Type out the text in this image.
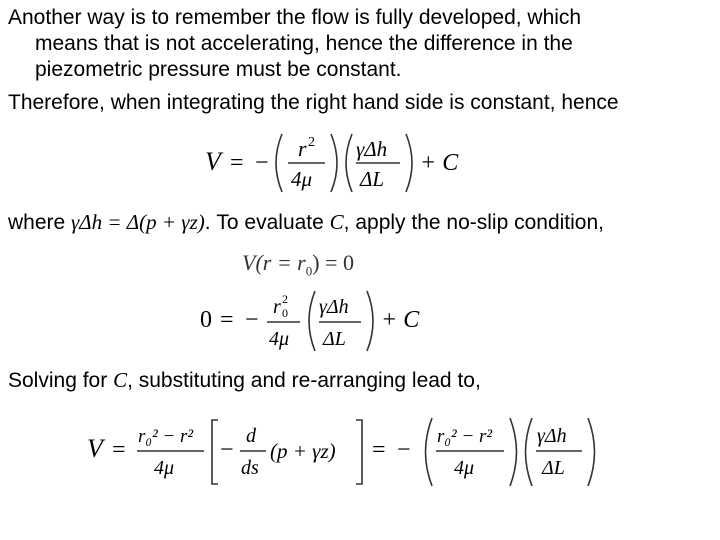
Another way is to remember the flow is fully developed, which
means that is not accelerating, hence the difference in the
piezometric pressure must be constant.
Therefore, when integrating the right hand side is constant, hence
V = −
r 2
4μ
γΔh
ΔL
+ C
where γΔh = Δ(p + γz). To evaluate C, apply the no-slip condition,
$V(r = r_0) = 0$
0 = − r 0
2
4μ
γΔh
ΔL
+ C
Solving for C, substituting and re-arranging lead to,
V =
r₀² − r²
4μ
−
d
ds
(p + γz) = −
r₀² − r²
4μ
γΔh
ΔL
